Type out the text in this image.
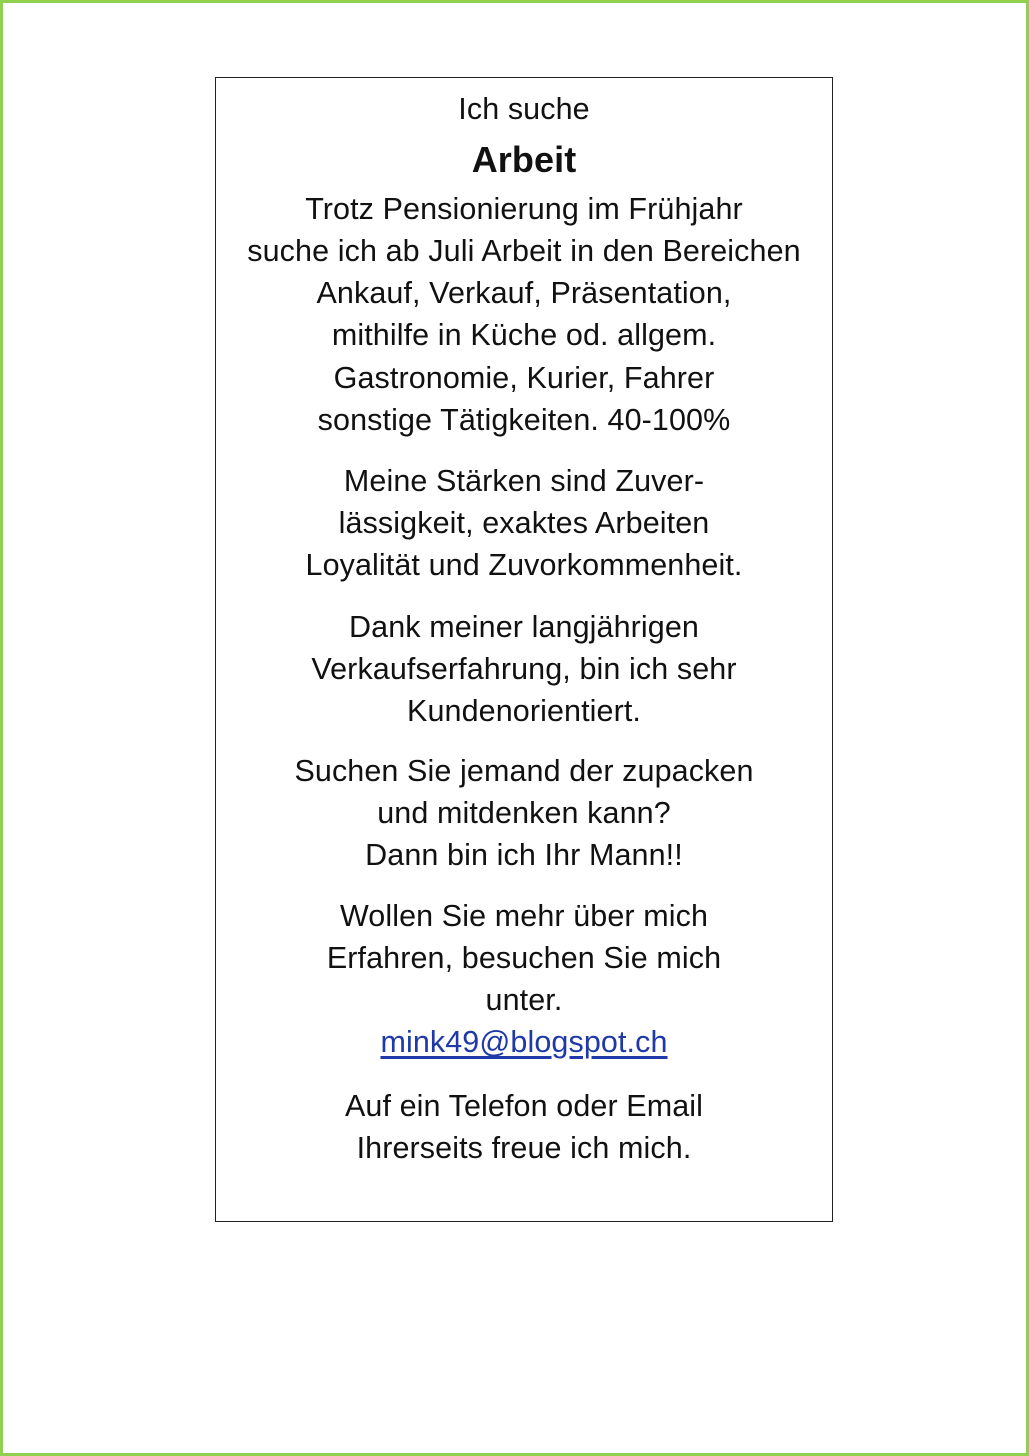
Ich suche
Arbeit
Trotz Pensionierung im Frühjahr
suche ich ab Juli Arbeit in den Bereichen
Ankauf, Verkauf, Präsentation,
mithilfe in Küche od. allgem.
Gastronomie, Kurier, Fahrer
sonstige Tätigkeiten. 40-100%
Meine Stärken sind Zuver-
lässigkeit, exaktes Arbeiten
Loyalität und Zuvorkommenheit.
Dank meiner langjährigen
Verkaufserfahrung, bin ich sehr
Kundenorientiert.
Suchen Sie jemand der zupacken
und mitdenken kann?
Dann bin ich Ihr Mann!!
Wollen Sie mehr über mich
Erfahren, besuchen Sie mich
unter.
mink49@blogspot.ch
Auf ein Telefon oder Email
Ihrerseits freue ich mich.
